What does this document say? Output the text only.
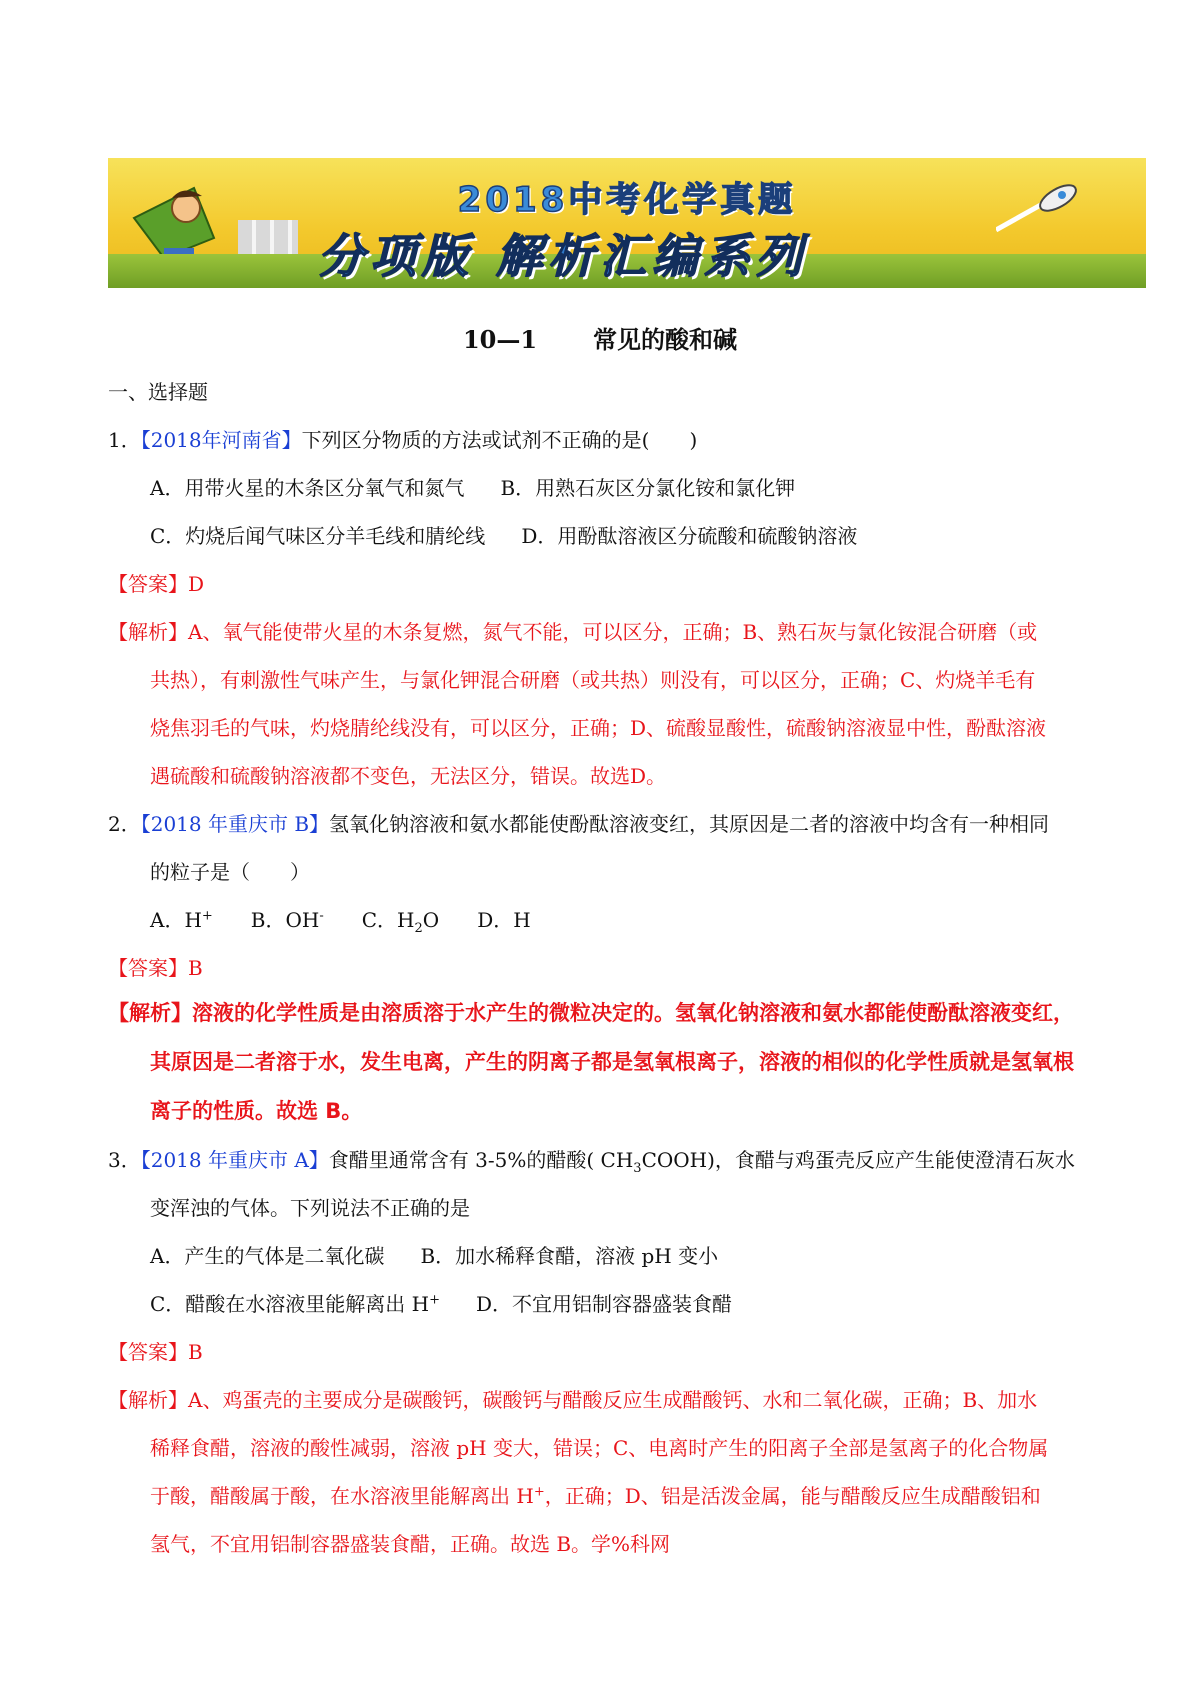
2018中考化学真题
分项版 解析汇编系列
10—1 常见的酸和碱
一、选择题
1．【2018年河南省】下列区分物质的方法或试剂不正确的是(　　)
A．用带火星的木条区分氧气和氮气 B．用熟石灰区分氯化铵和氯化钾
C．灼烧后闻气味区分羊毛线和腈纶线 D．用酚酞溶液区分硫酸和硫酸钠溶液
【答案】D
【解析】A、氧气能使带火星的木条复燃，氮气不能，可以区分，正确；B、熟石灰与氯化铵混合研磨（或
共热），有刺激性气味产生，与氯化钾混合研磨（或共热）则没有，可以区分，正确；C、灼烧羊毛有
烧焦羽毛的气味，灼烧腈纶线没有，可以区分，正确；D、硫酸显酸性，硫酸钠溶液显中性，酚酞溶液
遇硫酸和硫酸钠溶液都不变色，无法区分，错误。故选D。
2．【2018 年重庆市 B】氢氧化钠溶液和氨水都能使酚酞溶液变红，其原因是二者的溶液中均含有一种相同
的粒子是（　　）
A．H+ B．OH- C．$H_2O$ D．H
【答案】B
【解析】溶液的化学性质是由溶质溶于水产生的微粒决定的。氢氧化钠溶液和氨水都能使酚酞溶液变红，
其原因是二者溶于水，发生电离，产生的阴离子都是氢氧根离子，溶液的相似的化学性质就是氢氧根
离子的性质。故选 B。
3．【2018 年重庆市 A】食醋里通常含有 3-5%的醋酸( $CH_3COOH$)，食醋与鸡蛋壳反应产生能使澄清石灰水
变浑浊的气体。下列说法不正确的是
A．产生的气体是二氧化碳 B．加水稀释食醋，溶液 pH 变小
C．醋酸在水溶液里能解离出 H+ D．不宜用铝制容器盛装食醋
【答案】B
【解析】A、鸡蛋壳的主要成分是碳酸钙，碳酸钙与醋酸反应生成醋酸钙、水和二氧化碳，正确；B、加水
稀释食醋，溶液的酸性减弱，溶液 pH 变大，错误；C、电离时产生的阳离子全部是氢离子的化合物属
于酸，醋酸属于酸，在水溶液里能解离出 H+，正确；D、铝是活泼金属，能与醋酸反应生成醋酸铝和
氢气，不宜用铝制容器盛装食醋，正确。故选 B。学%科网
